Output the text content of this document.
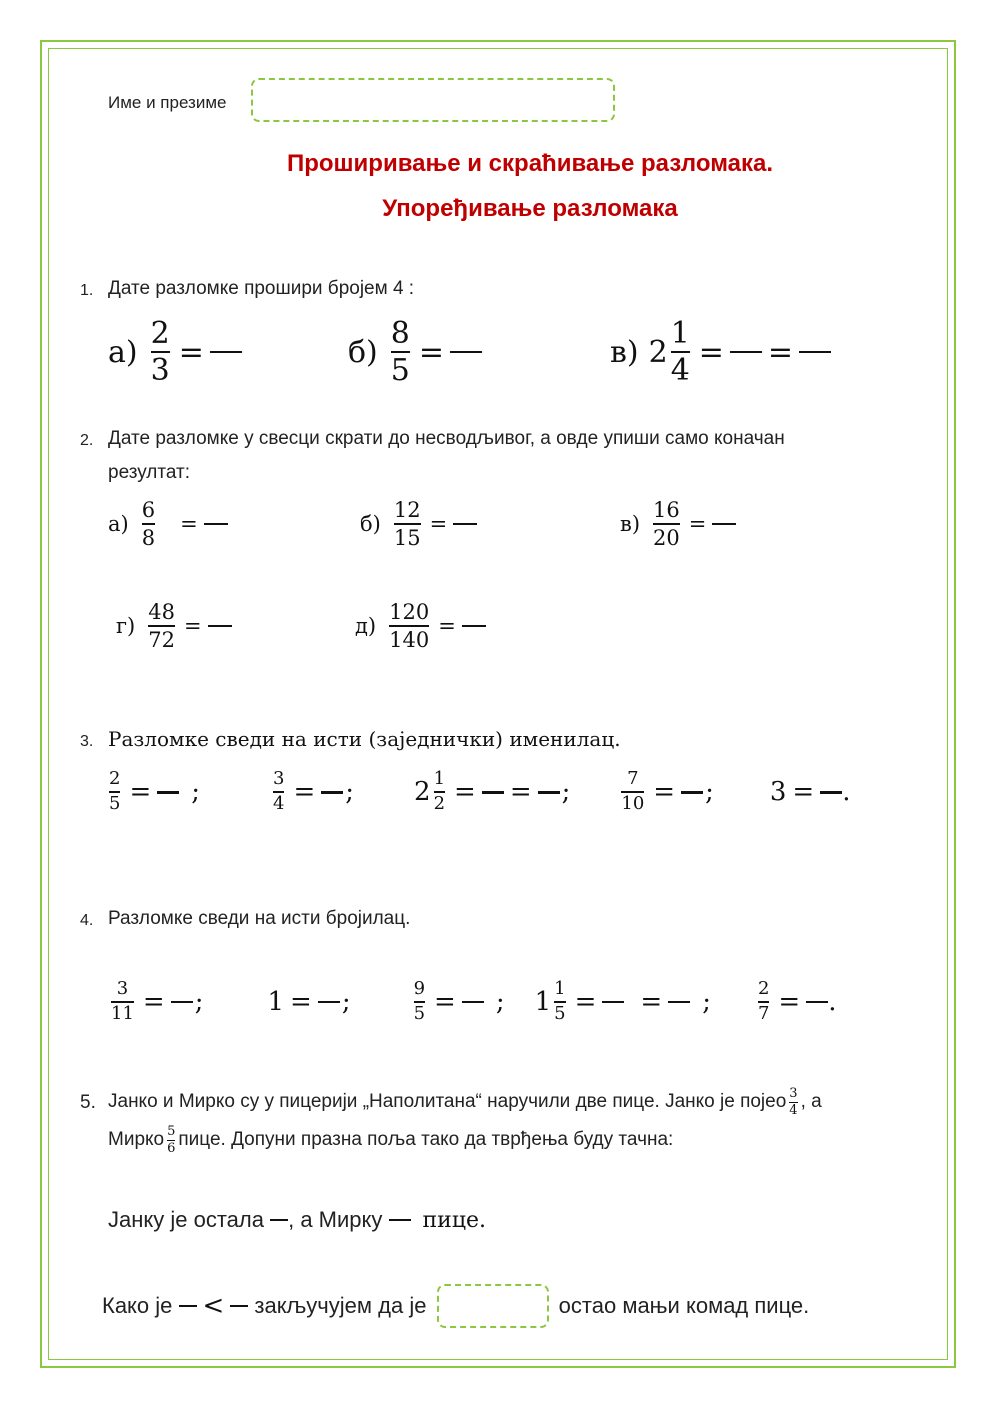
Име и презиме
Проширивање и скраћивање разломака.
Упоређивање разломака
1. Дате разломке прошири бројем 4 :
$а) \frac{2}{3}$ =	$б) \frac{8}{5}$ =	в) $2 \frac{1}{4}$ = =
2. Дате разломке у свесци скрати до несводљивог, а овде упиши само коначан
резултат:
$а) \frac{6}{8}$ =	$б) \frac{12}{15}$ =	$в) \frac{16}{20}$ =
$г) \frac{48}{72}$ =	$д) \frac{120}{140}$ =
3. Разломке сведи на исти (заједнички) именилац.
$\frac{2}{5}$ = ;	$\frac{3}{4}$ = ; $2 \frac{1}{2}$ = = ;	$\frac{7}{10}$ = ; 3 = .
4. Разломке сведи на исти бројилац.
$\frac{3}{11}$ = ; 1 = ;	$\frac{9}{5}$ = ; $1 \frac{1}{5}$ = = ;	$\frac{2}{7}$ = .
5. Јанко и Мирко су у пицерији „Наполитана“ наручили две пице. Јанко је појео $\frac{3}{4}$ , а
Мирко $\frac{5}{6}$ пице. Допуни празна поља тако да тврђења буду тачна:
Јанку је остала , а Мирку пице.
Како је < закључујем да је	остао мањи комад пице.
